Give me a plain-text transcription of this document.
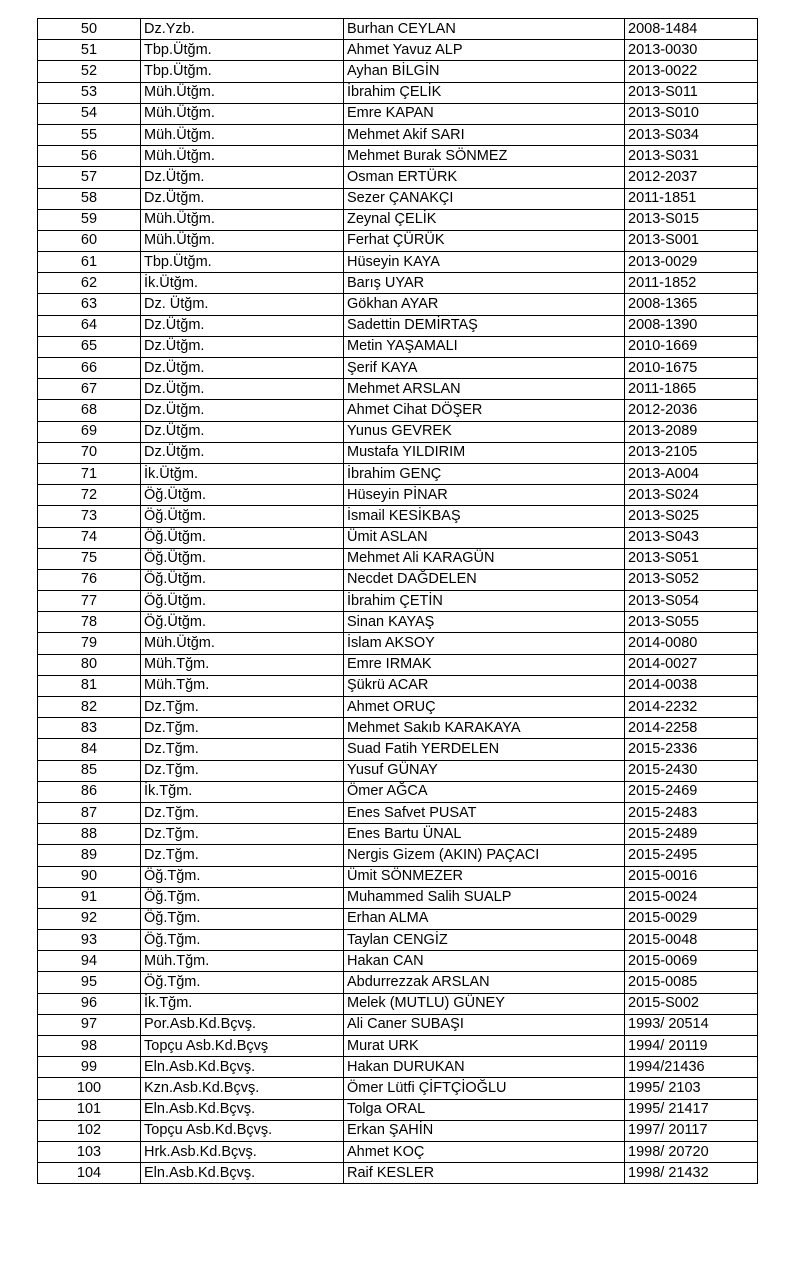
50	Dz.Yzb.	Burhan CEYLAN	2008-1484
51	Tbp.Ütğm.	Ahmet Yavuz ALP	2013-0030
52	Tbp.Ütğm.	Ayhan BİLGİN	2013-0022
53	Müh.Ütğm.	İbrahim ÇELİK	2013-S011
54	Müh.Ütğm.	Emre KAPAN	2013-S010
55	Müh.Ütğm.	Mehmet Akif SARI	2013-S034
56	Müh.Ütğm.	Mehmet Burak SÖNMEZ	2013-S031
57	Dz.Ütğm.	Osman ERTÜRK	2012-2037
58	Dz.Ütğm.	Sezer ÇANAKÇI	2011-1851
59	Müh.Ütğm.	Zeynal ÇELİK	2013-S015
60	Müh.Ütğm.	Ferhat ÇÜRÜK	2013-S001
61	Tbp.Ütğm.	Hüseyin KAYA	2013-0029
62	İk.Ütğm.	Barış UYAR	2011-1852
63	Dz. Ütğm.	Gökhan AYAR	2008-1365
64	Dz.Ütğm.	Sadettin DEMİRTAŞ	2008-1390
65	Dz.Ütğm.	Metin YAŞAMALI	2010-1669
66	Dz.Ütğm.	Şerif KAYA	2010-1675
67	Dz.Ütğm.	Mehmet ARSLAN	2011-1865
68	Dz.Ütğm.	Ahmet Cihat DÖŞER	2012-2036
69	Dz.Ütğm.	Yunus GEVREK	2013-2089
70	Dz.Ütğm.	Mustafa YILDIRIM	2013-2105
71	İk.Ütğm.	İbrahim GENÇ	2013-A004
72	Öğ.Ütğm.	Hüseyin PİNAR	2013-S024
73	Öğ.Ütğm.	İsmail KESİKBAŞ	2013-S025
74	Öğ.Ütğm.	Ümit ASLAN	2013-S043
75	Öğ.Ütğm.	Mehmet Ali KARAGÜN	2013-S051
76	Öğ.Ütğm.	Necdet DAĞDELEN	2013-S052
77	Öğ.Ütğm.	İbrahim ÇETİN	2013-S054
78	Öğ.Ütğm.	Sinan KAYAŞ	2013-S055
79	Müh.Ütğm.	İslam AKSOY	2014-0080
80	Müh.Tğm.	Emre IRMAK	2014-0027
81	Müh.Tğm.	Şükrü ACAR	2014-0038
82	Dz.Tğm.	Ahmet ORUÇ	2014-2232
83	Dz.Tğm.	Mehmet Sakıb KARAKAYA	2014-2258
84	Dz.Tğm.	Suad Fatih YERDELEN	2015-2336
85	Dz.Tğm.	Yusuf GÜNAY	2015-2430
86	İk.Tğm.	Ömer AĞCA	2015-2469
87	Dz.Tğm.	Enes Safvet PUSAT	2015-2483
88	Dz.Tğm.	Enes Bartu ÜNAL	2015-2489
89	Dz.Tğm.	Nergis Gizem (AKIN) PAÇACI	2015-2495
90	Öğ.Tğm.	Ümit SÖNMEZER	2015-0016
91	Öğ.Tğm.	Muhammed Salih SUALP	2015-0024
92	Öğ.Tğm.	Erhan ALMA	2015-0029
93	Öğ.Tğm.	Taylan CENGİZ	2015-0048
94	Müh.Tğm.	Hakan CAN	2015-0069
95	Öğ.Tğm.	Abdurrezzak ARSLAN	2015-0085
96	İk.Tğm.	Melek (MUTLU) GÜNEY	2015-S002
97	Por.Asb.Kd.Bçvş.	Ali Caner SUBAŞI	1993/ 20514
98	Topçu Asb.Kd.Bçvş	Murat URK	1994/ 20119
99	Eln.Asb.Kd.Bçvş.	Hakan DURUKAN	1994/21436
100	Kzn.Asb.Kd.Bçvş.	Ömer Lütfi ÇİFTÇİOĞLU	1995/ 2103
101	Eln.Asb.Kd.Bçvş.	Tolga ORAL	1995/ 21417
102	Topçu Asb.Kd.Bçvş.	Erkan ŞAHİN	1997/ 20117
103	Hrk.Asb.Kd.Bçvş.	Ahmet KOÇ	1998/ 20720
104	Eln.Asb.Kd.Bçvş.	Raif KESLER	1998/ 21432
